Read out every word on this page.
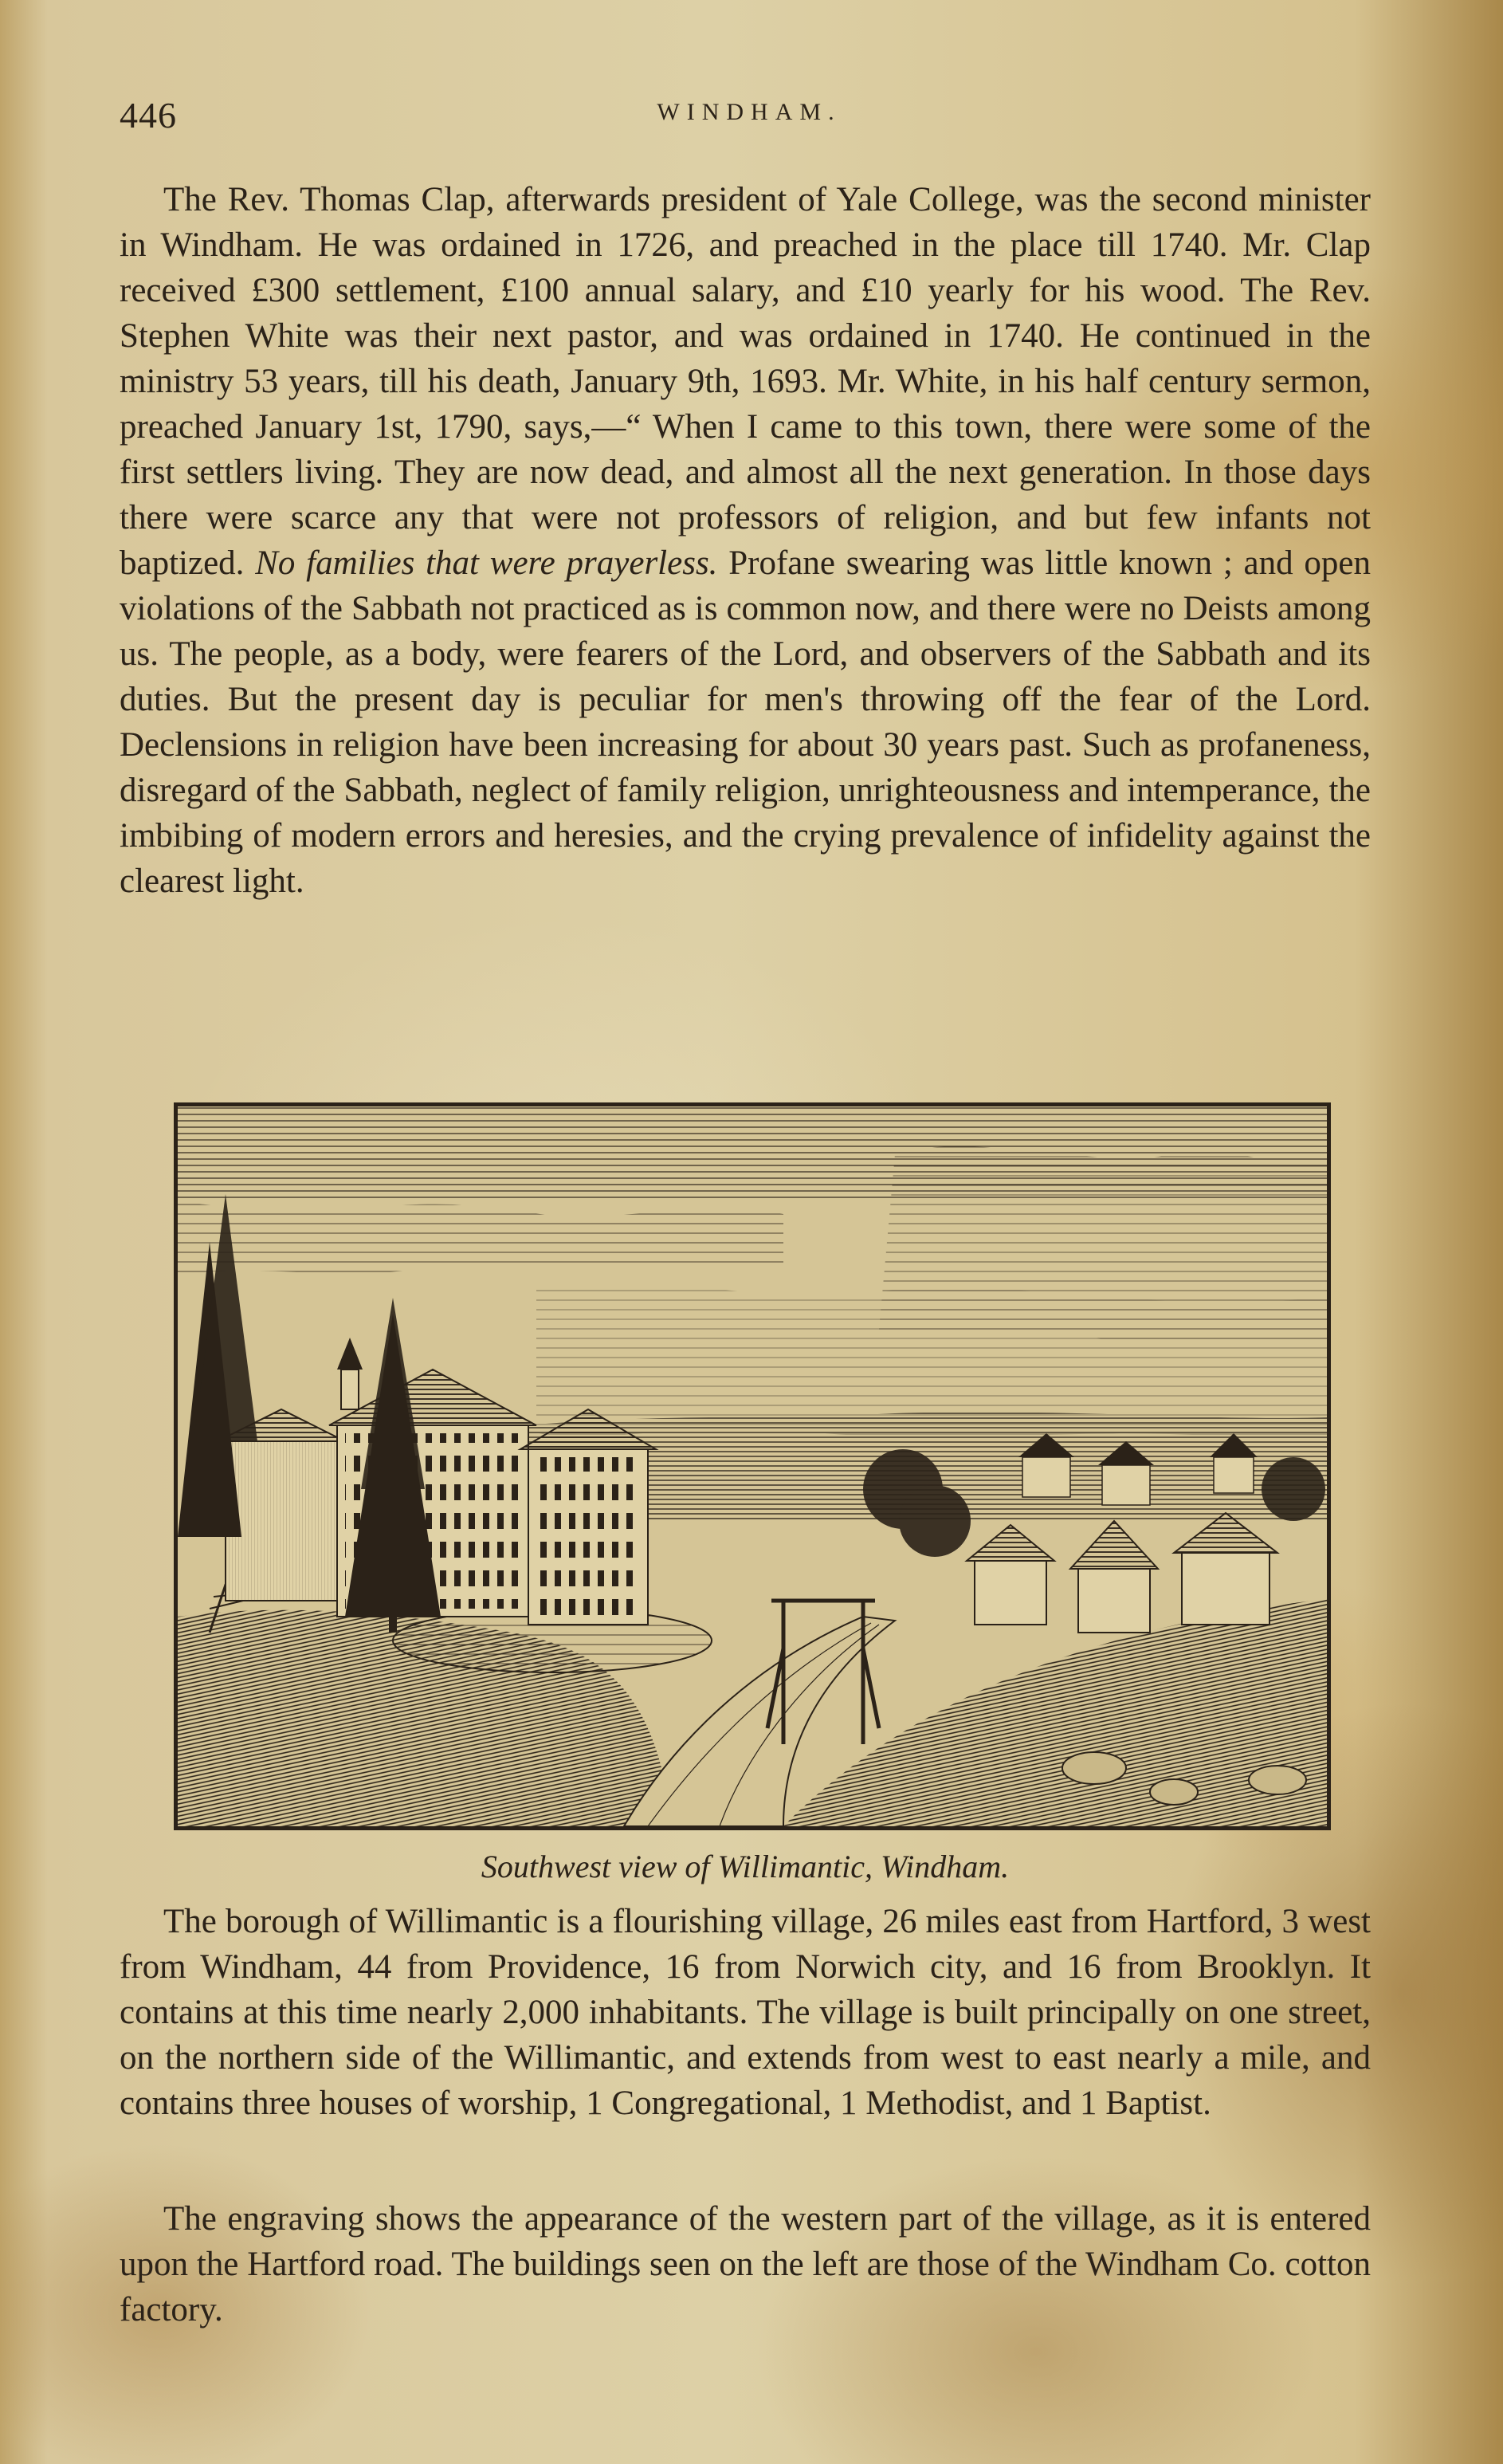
446	WINDHAM.

The Rev. Thomas Clap, afterwards president of Yale College, was the second minister in Windham. He was ordained in 1726, and preached in the place till 1740. Mr. Clap received £300 settlement, £100 annual salary, and £10 yearly for his wood. The Rev. Stephen White was their next pastor, and was ordained in 1740. He continued in the ministry 53 years, till his death, January 9th, 1693. Mr. White, in his half century sermon, preached January 1st, 1790, says,—“ When I came to this town, there were some of the first settlers living. They are now dead, and almost all the next generation. In those days there were scarce any that were not professors of religion, and but few infants not baptized. No families that were prayerless. Profane swearing was little known ; and open violations of the Sabbath not practiced as is common now, and there were no Deists among us. The people, as a body, were fearers of the Lord, and observers of the Sabbath and its duties. But the present day is peculiar for men's throwing off the fear of the Lord. Declensions in religion have been increasing for about 30 years past. Such as profaneness, disregard of the Sabbath, neglect of family religion, unrighteousness and intemperance, the imbibing of modern errors and heresies, and the crying prevalence of infidelity against the clearest light.

Southwest view of Willimantic, Windham.

The borough of Willimantic is a flourishing village, 26 miles east from Hartford, 3 west from Windham, 44 from Providence, 16 from Norwich city, and 16 from Brooklyn. It contains at this time nearly 2,000 inhabitants. The village is built principally on one street, on the northern side of the Willimantic, and extends from west to east nearly a mile, and contains three houses of worship, 1 Congregational, 1 Methodist, and 1 Baptist.

The engraving shows the appearance of the western part of the village, as it is entered upon the Hartford road. The buildings seen on the left are those of the Windham Co. cotton factory.
